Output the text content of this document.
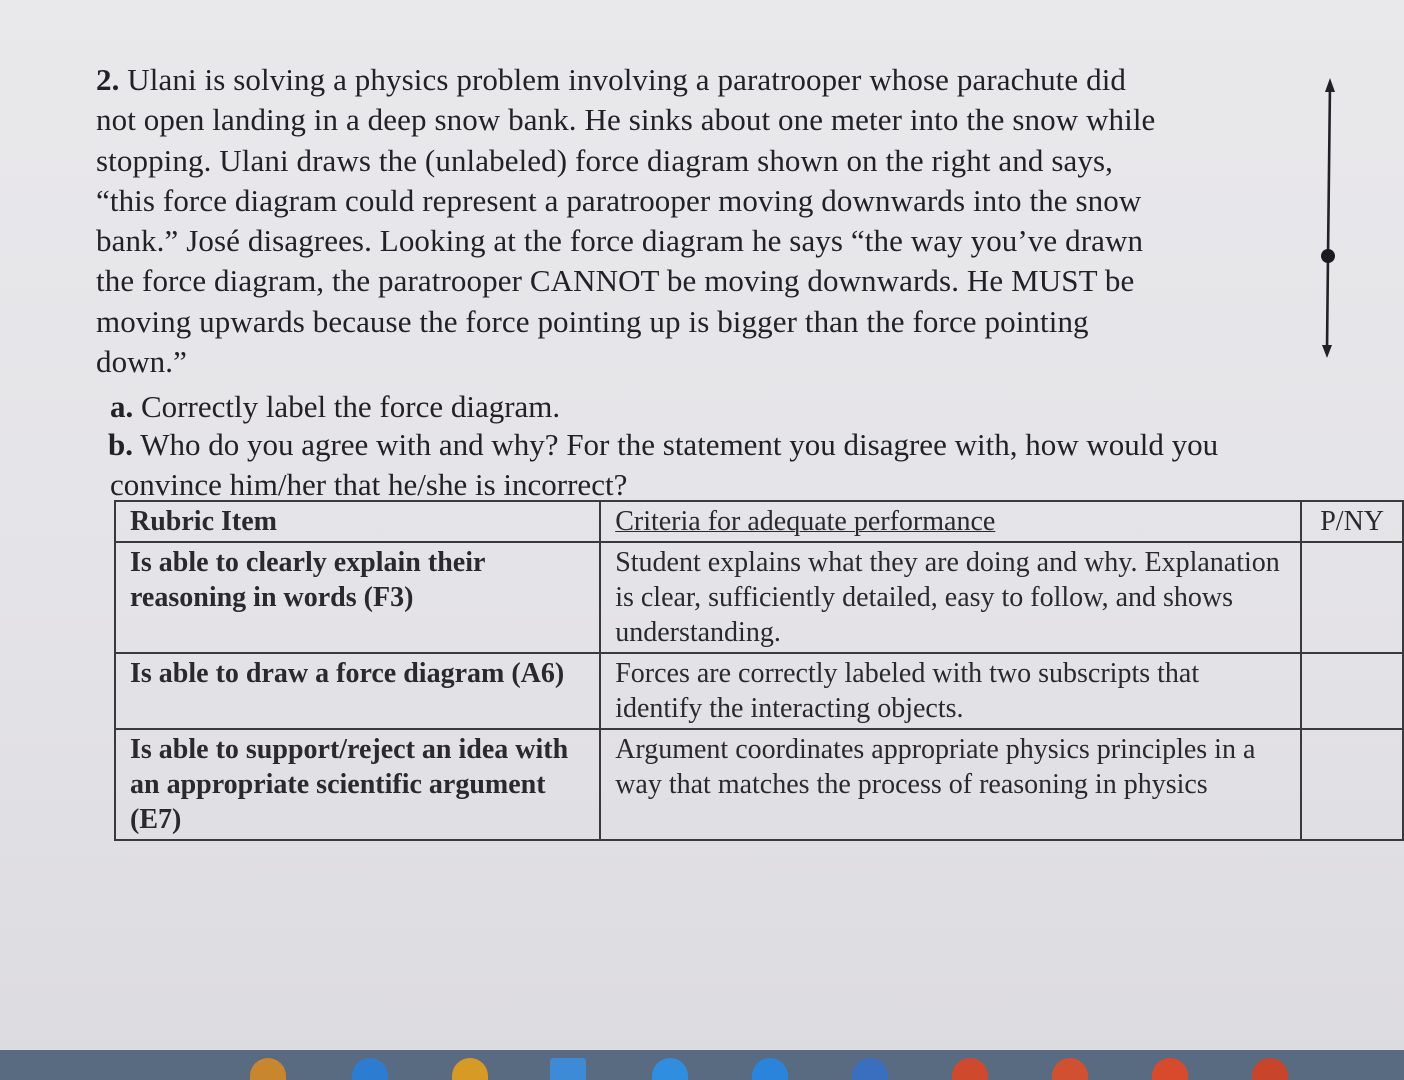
2. Ulani is solving a physics problem involving a paratrooper whose parachute did
not open landing in a deep snow bank. He sinks about one meter into the snow while
stopping. Ulani draws the (unlabeled) force diagram shown on the right and says,
“this force diagram could represent a paratrooper moving downwards into the snow
bank.” José disagrees. Looking at the force diagram he says “the way you’ve drawn
the force diagram, the paratrooper CANNOT be moving downwards. He MUST be
moving upwards because the force pointing up is bigger than the force pointing
down.”
a. Correctly label the force diagram.
b. Who do you agree with and why? For the statement you disagree with, how would you
convince him/her that he/she is incorrect?
Rubric Item	Criteria for adequate performance	P/NY
Is able to clearly explain their reasoning in words (F3)	Student explains what they are doing and why. Explanation is clear, sufficiently detailed, easy to follow, and shows understanding.	
Is able to draw a force diagram (A6)	Forces are correctly labeled with two subscripts that identify the interacting objects.	
Is able to support/reject an idea with an appropriate scientific argument (E7)	Argument coordinates appropriate physics principles in a way that matches the process of reasoning in physics	
